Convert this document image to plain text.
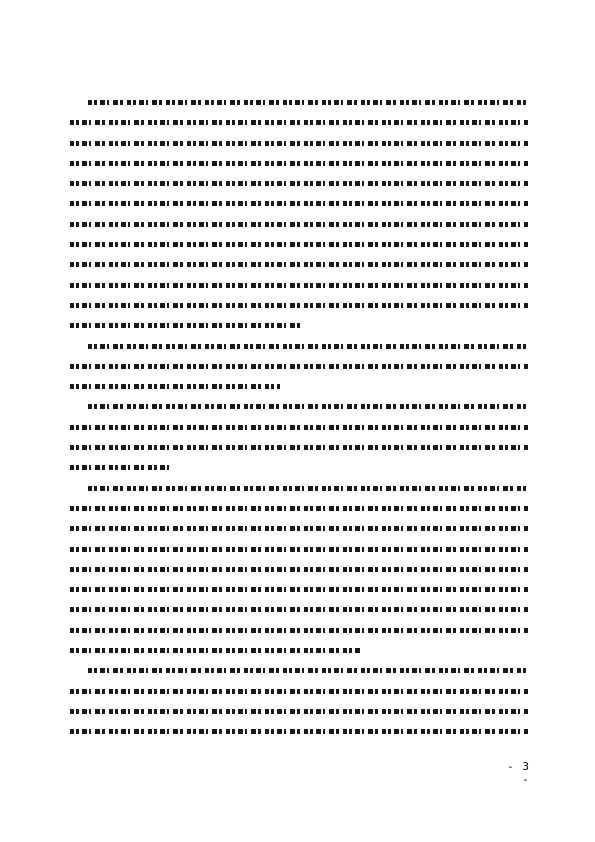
- 3 -
